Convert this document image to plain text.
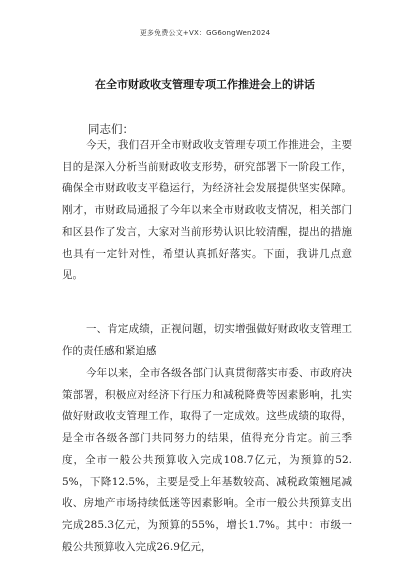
更多免费公文+VX：GG6ongWen2024
在全市财政收支管理专项工作推进会上的讲话
同志们：

今天，我们召开全市财政收支管理专项工作推进会，主要目的是深入分析当前财政收支形势，研究部署下一阶段工作，确保全市财政收支平稳运行，为经济社会发展提供坚实保障。刚才，市财政局通报了今年以来全市财政收支情况，相关部门和区县作了发言，大家对当前形势认识比较清醒，提出的措施也具有一定针对性，希望认真抓好落实。下面，我讲几点意见。

一、肯定成绩，正视问题，切实增强做好财政收支管理工作的责任感和紧迫感

今年以来，全市各级各部门认真贯彻落实市委、市政府决策部署，积极应对经济下行压力和减税降费等因素影响，扎实做好财政收支管理工作，取得了一定成效。这些成绩的取得，是全市各级各部门共同努力的结果，值得充分肯定。前三季度，全市一般公共预算收入完成108.7亿元，为预算的52.5%，下降12.5%，主要是受上年基数较高、减税政策翘尾减收、房地产市场持续低迷等因素影响。全市一般公共预算支出完成285.3亿元，为预算的55%，增长1.7%。其中：市级一般公共预算收入完成26.9亿元，
